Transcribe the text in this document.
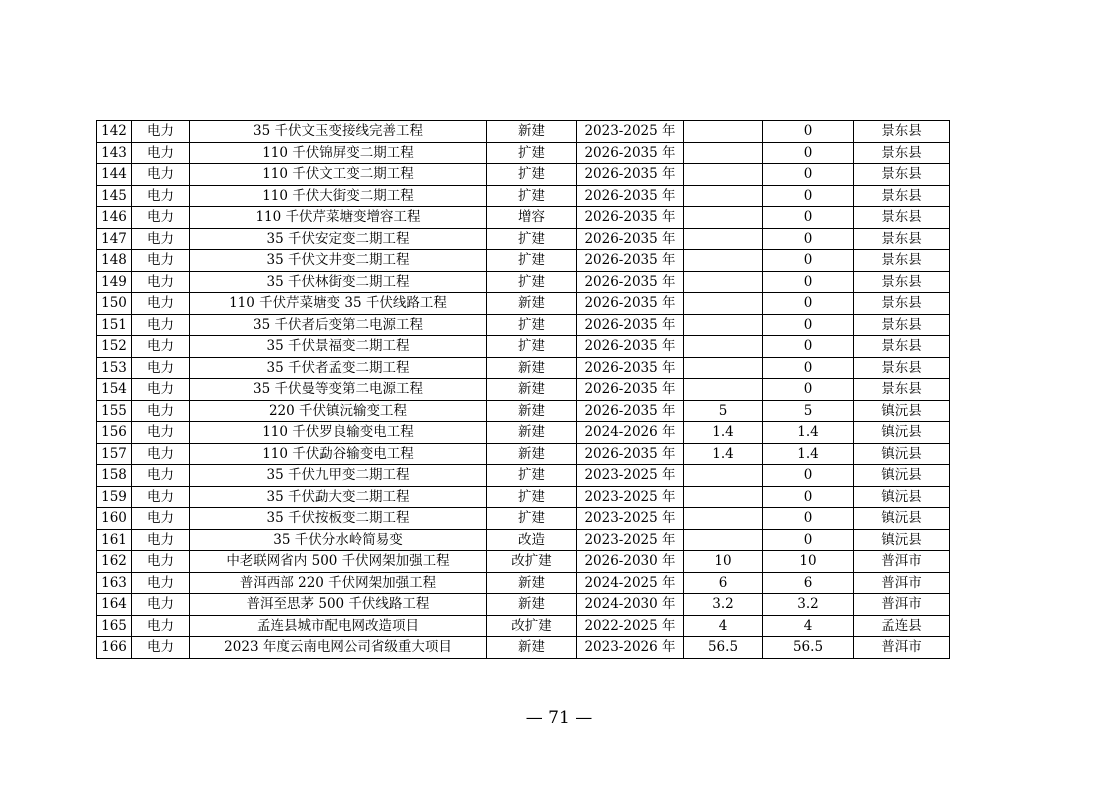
142	电力	35 千伏文玉变接线完善工程	新建	2023-2025 年		0	景东县
143	电力	110 千伏锦屏变二期工程	扩建	2026-2035 年		0	景东县
144	电力	110 千伏文工变二期工程	扩建	2026-2035 年		0	景东县
145	电力	110 千伏大街变二期工程	扩建	2026-2035 年		0	景东县
146	电力	110 千伏芹菜塘变增容工程	增容	2026-2035 年		0	景东县
147	电力	35 千伏安定变二期工程	扩建	2026-2035 年		0	景东县
148	电力	35 千伏文井变二期工程	扩建	2026-2035 年		0	景东县
149	电力	35 千伏林街变二期工程	扩建	2026-2035 年		0	景东县
150	电力	110 千伏芹菜塘变 35 千伏线路工程	新建	2026-2035 年		0	景东县
151	电力	35 千伏者后变第二电源工程	扩建	2026-2035 年		0	景东县
152	电力	35 千伏景福变二期工程	扩建	2026-2035 年		0	景东县
153	电力	35 千伏者孟变二期工程	新建	2026-2035 年		0	景东县
154	电力	35 千伏曼等变第二电源工程	新建	2026-2035 年		0	景东县
155	电力	220 千伏镇沅输变工程	新建	2026-2035 年	5	5	镇沅县
156	电力	110 千伏罗良输变电工程	新建	2024-2026 年	1.4	1.4	镇沅县
157	电力	110 千伏勐谷输变电工程	新建	2026-2035 年	1.4	1.4	镇沅县
158	电力	35 千伏九甲变二期工程	扩建	2023-2025 年		0	镇沅县
159	电力	35 千伏勐大变二期工程	扩建	2023-2025 年		0	镇沅县
160	电力	35 千伏按板变二期工程	扩建	2023-2025 年		0	镇沅县
161	电力	35 千伏分水岭简易变	改造	2023-2025 年		0	镇沅县
162	电力	中老联网省内 500 千伏网架加强工程	改扩建	2026-2030 年	10	10	普洱市
163	电力	普洱西部 220 千伏网架加强工程	新建	2024-2025 年	6	6	普洱市
164	电力	普洱至思茅 500 千伏线路工程	新建	2024-2030 年	3.2	3.2	普洱市
165	电力	孟连县城市配电网改造项目	改扩建	2022-2025 年	4	4	孟连县
166	电力	2023 年度云南电网公司省级重大项目	新建	2023-2026 年	56.5	56.5	普洱市
— 71 —
